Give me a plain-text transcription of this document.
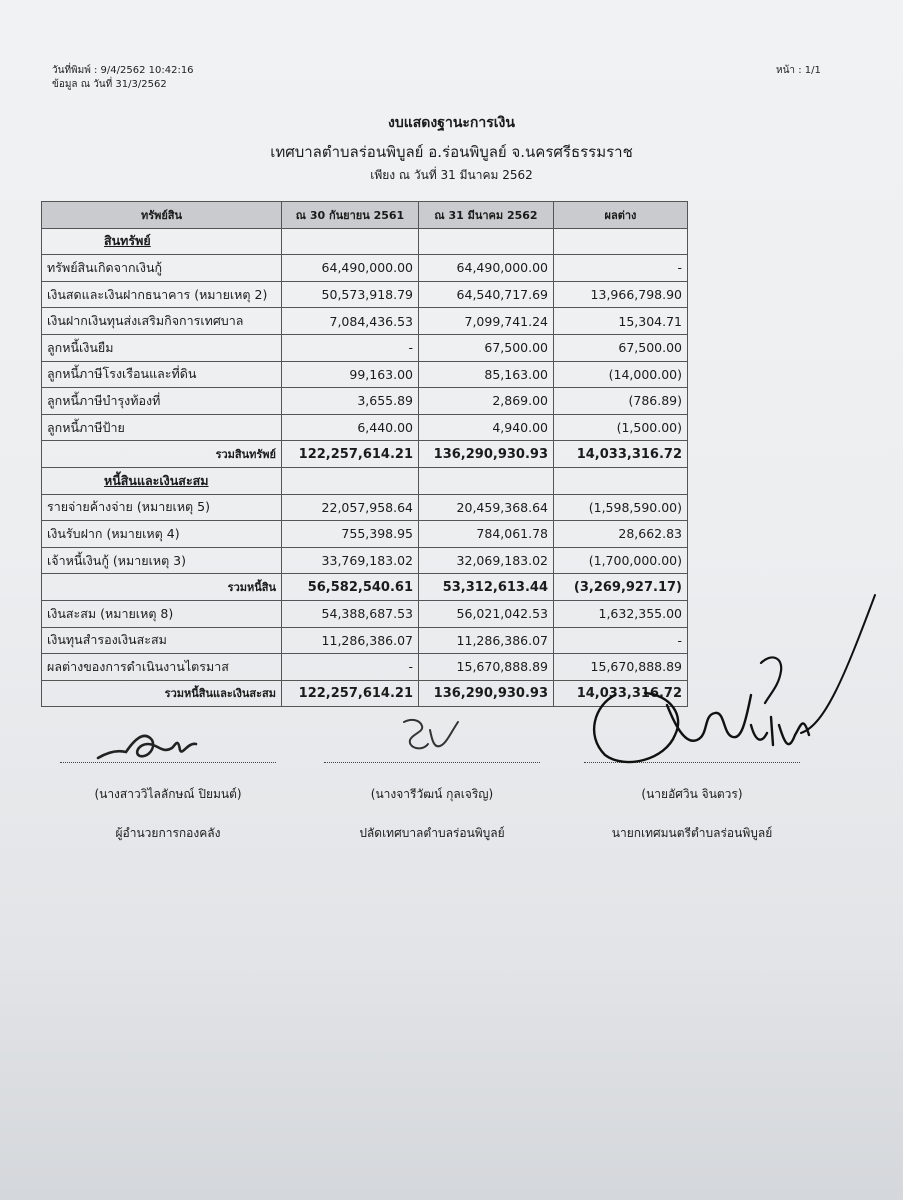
วันที่พิมพ์ : 9/4/2562 10:42:16
ข้อมูล ณ วันที่ 31/3/2562
หน้า : 1/1
งบแสดงฐานะการเงิน
เทศบาลตำบลร่อนพิบูลย์ อ.ร่อนพิบูลย์ จ.นครศรีธรรมราช
เพียง ณ วันที่ 31 มีนาคม 2562
ทรัพย์สิน	ณ 30 กันยายน 2561	ณ 31 มีนาคม 2562	ผลต่าง
สินทรัพย์			
ทรัพย์สินเกิดจากเงินกู้	64,490,000.00	64,490,000.00	-
เงินสดและเงินฝากธนาคาร (หมายเหตุ 2)	50,573,918.79	64,540,717.69	13,966,798.90
เงินฝากเงินทุนส่งเสริมกิจการเทศบาล	7,084,436.53	7,099,741.24	15,304.71
ลูกหนี้เงินยืม	-	67,500.00	67,500.00
ลูกหนี้ภาษีโรงเรือนและที่ดิน	99,163.00	85,163.00	(14,000.00)
ลูกหนี้ภาษีบำรุงท้องที่	3,655.89	2,869.00	(786.89)
ลูกหนี้ภาษีป้าย	6,440.00	4,940.00	(1,500.00)
รวมสินทรัพย์	122,257,614.21	136,290,930.93	14,033,316.72
หนี้สินและเงินสะสม			
รายจ่ายค้างจ่าย (หมายเหตุ 5)	22,057,958.64	20,459,368.64	(1,598,590.00)
เงินรับฝาก (หมายเหตุ 4)	755,398.95	784,061.78	28,662.83
เจ้าหนี้เงินกู้ (หมายเหตุ 3)	33,769,183.02	32,069,183.02	(1,700,000.00)
รวมหนี้สิน	56,582,540.61	53,312,613.44	(3,269,927.17)
เงินสะสม (หมายเหตุ 8)	54,388,687.53	56,021,042.53	1,632,355.00
เงินทุนสำรองเงินสะสม	11,286,386.07	11,286,386.07	-
ผลต่างของการดำเนินงานไตรมาส	-	15,670,888.89	15,670,888.89
รวมหนี้สินและเงินสะสม	122,257,614.21	136,290,930.93	14,033,316.72
(นางสาววิไลลักษณ์ ปิยมนต์)
ผู้อำนวยการกองคลัง
(นางจารีวัฒน์ กุลเจริญ)
ปลัดเทศบาลตำบลร่อนพิบูลย์
(นายอัศวิน จินตวร)
นายกเทศมนตรีตำบลร่อนพิบูลย์
